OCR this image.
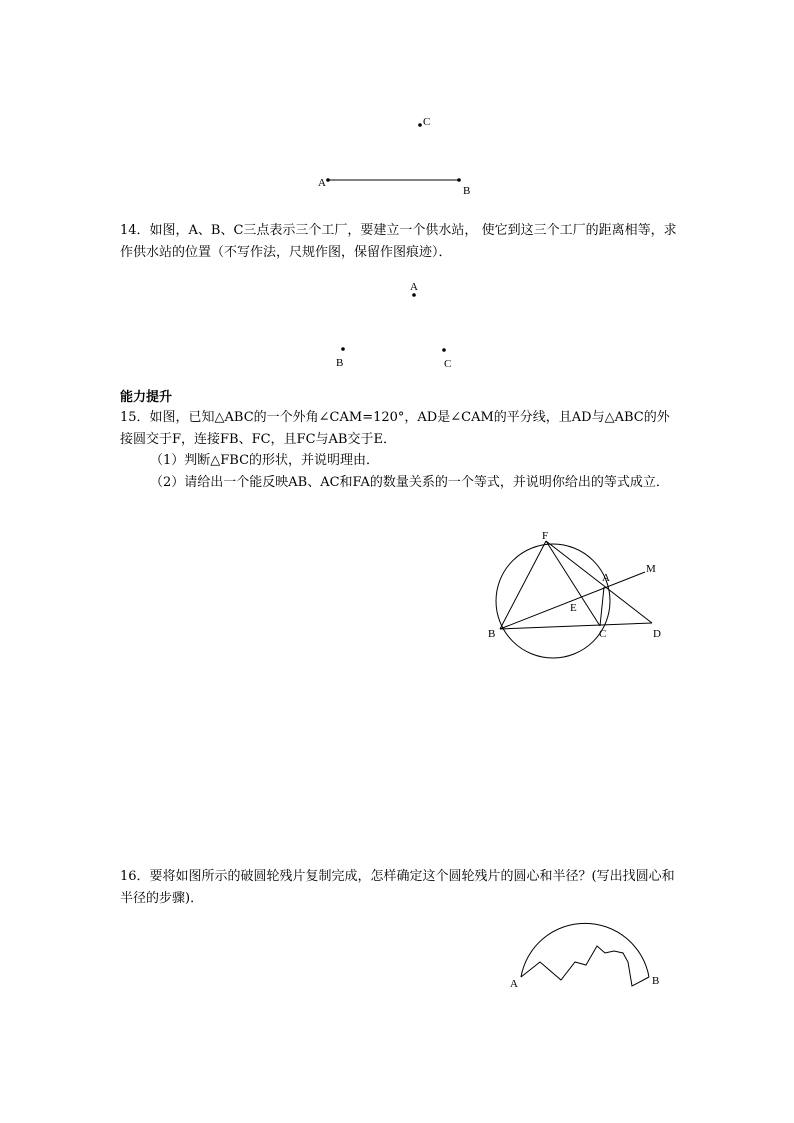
C
A
B

14．如图，A、B、C三点表示三个工厂，要建立一个供水站， 使它到这三个工厂的距离相等，求作供水站的位置（不写作法，尺规作图，保留作图痕迹）．

A
B	C

能力提升

15．如图，已知△ABC的一个外角∠CAM=120°，AD是∠CAM的平分线，且AD与△ABC的外接圆交于F，连接FB、FC，且FC与AB交于E．

（1）判断△FBC的形状，并说明理由．

（2）请给出一个能反映AB、AC和FA的数量关系的一个等式，并说明你给出的等式成立．

F
M
A
E
B	C	D

16．要将如图所示的破圆轮残片复制完成，怎样确定这个圆轮残片的圆心和半径？(写出找圆心和半径的步骤)．

A	B
